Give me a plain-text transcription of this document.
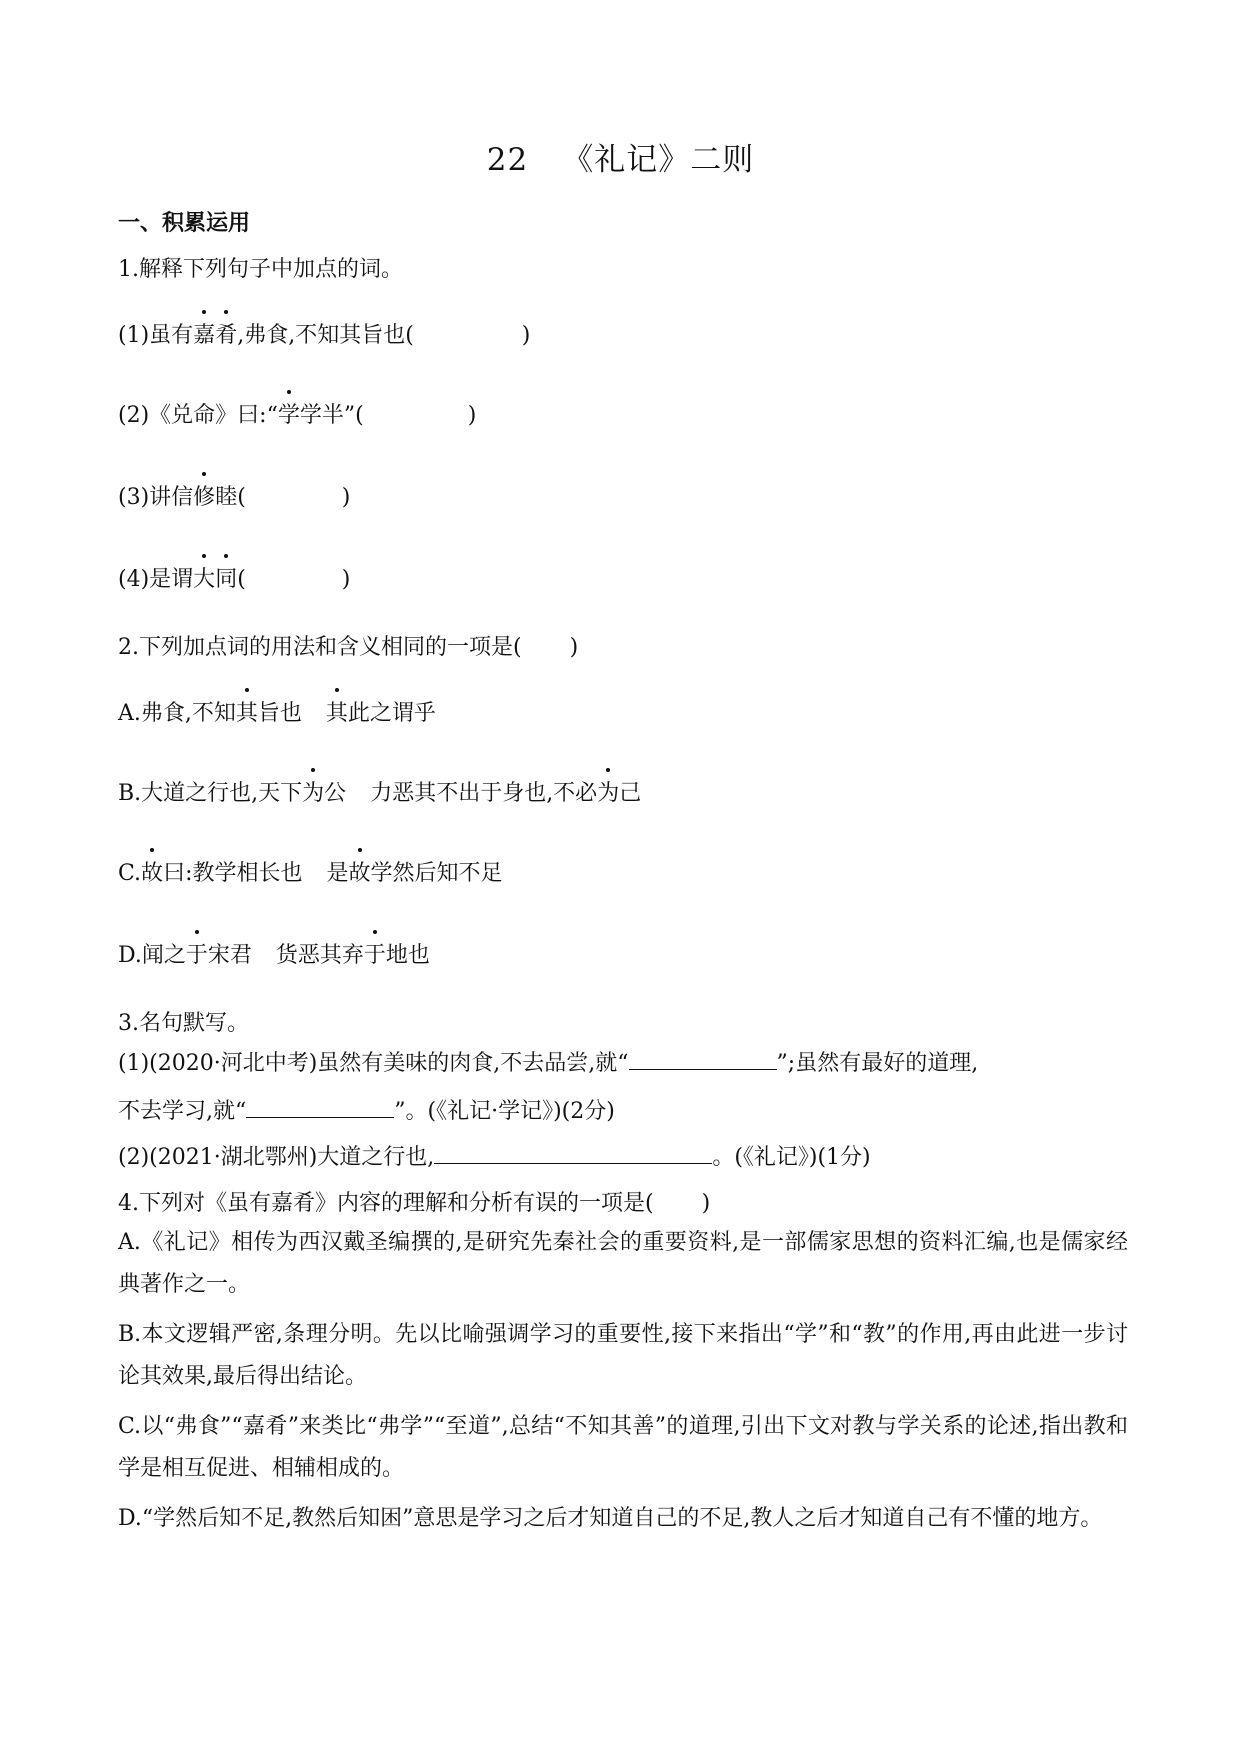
22 《礼记》二则
一、积累运用
1.解释下列句子中加点的词。
(1)虽有嘉肴,弗食,不知其旨也(	)
(2)《兑命》曰:“学学半”(	)
(3)讲信修睦(	)
(4)是谓大同(	)
2.下列加点词的用法和含义相同的一项是( )
A.弗食,不知其旨也 其此之谓乎
B.大道之行也,天下为公 力恶其不出于身也,不必为己
C.故曰:教学相长也 是故学然后知不足
D.闻之于宋君 货恶其弃于地也
3.名句默写。
(1)(2020·河北中考)虽然有美味的肉食,不去品尝,就“	”;虽然有最好的道理,
不去学习,就“	”。(《礼记·学记》)(2分)
(2)(2021·湖北鄂州)大道之行也,	。(《礼记》)(1分)
4.下列对《虽有嘉肴》内容的理解和分析有误的一项是( )
A.《礼记》相传为西汉戴圣编撰的,是研究先秦社会的重要资料,是一部儒家思想的资料汇编,也是儒家经典著作之一。
B.本文逻辑严密,条理分明。先以比喻强调学习的重要性,接下来指出“学”和“教”的作用,再由此进一步讨论其效果,最后得出结论。
C.以“弗食”“嘉肴”来类比“弗学”“至道”,总结“不知其善”的道理,引出下文对教与学关系的论述,指出教和学是相互促进、相辅相成的。
D.“学然后知不足,教然后知困”意思是学习之后才知道自己的不足,教人之后才知道自己有不懂的地方。
